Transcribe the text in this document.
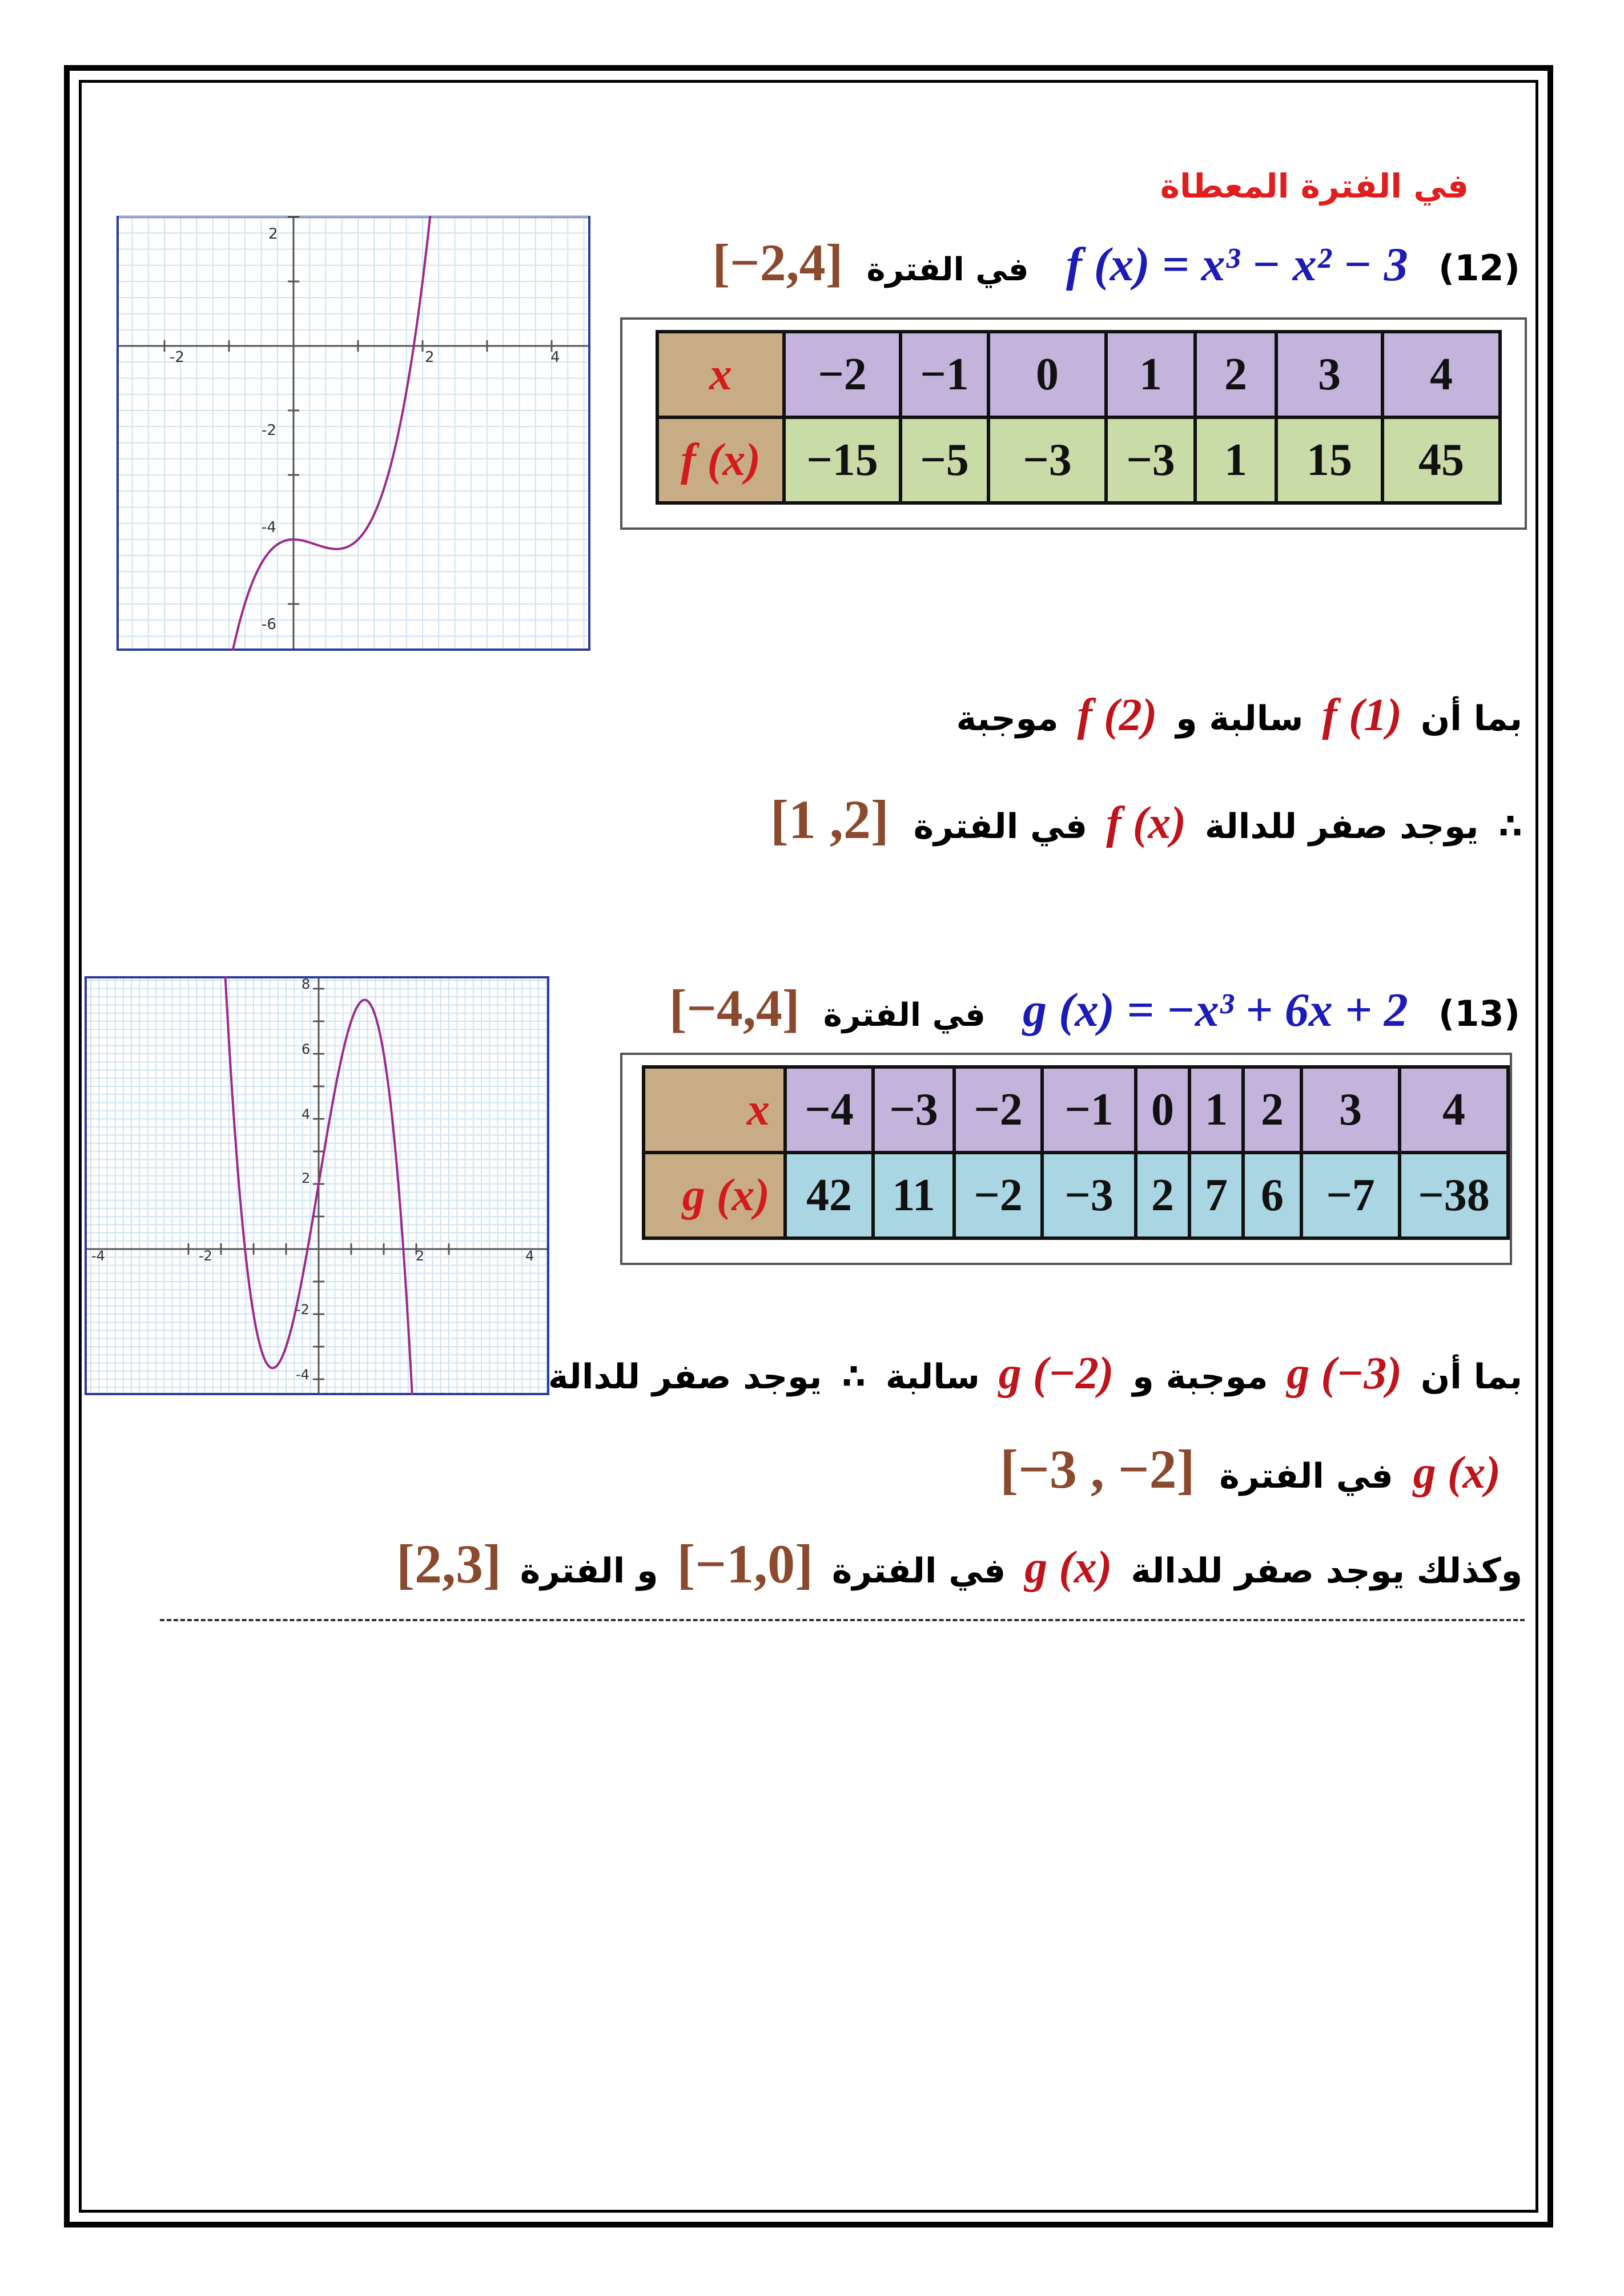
في الفترة المعطاة
(12) f (x) = x³ − x² − 3 في الفترة [−2,4]
-2	2	4
2
-2
-4
-6
x	−2	−1	0	1	2	3	4
f (x)	−15	−5	−3	−3	1	15	45
بما أن f (1) سالبة و f (2) موجبة
∴ يوجد صفر للدالة f (x) في الفترة [1 ,2]
(13) g (x) = −x³ + 6x + 2 في الفترة [−4,4]
-4	-2	2	4
8
6
4
2
-2
-4
x	−4	−3	−2	−1	0	1	2	3	4
g (x)	42	11	−2	−3	2	7	6	−7	−38
بما أن g (−3) موجبة و g (−2) سالبة ∴ يوجد صفر للدالة
g (x) في الفترة [−3 , −2]
وكذلك يوجد صفر للدالة g (x) في الفترة [−1,0] و الفترة [2,3]
